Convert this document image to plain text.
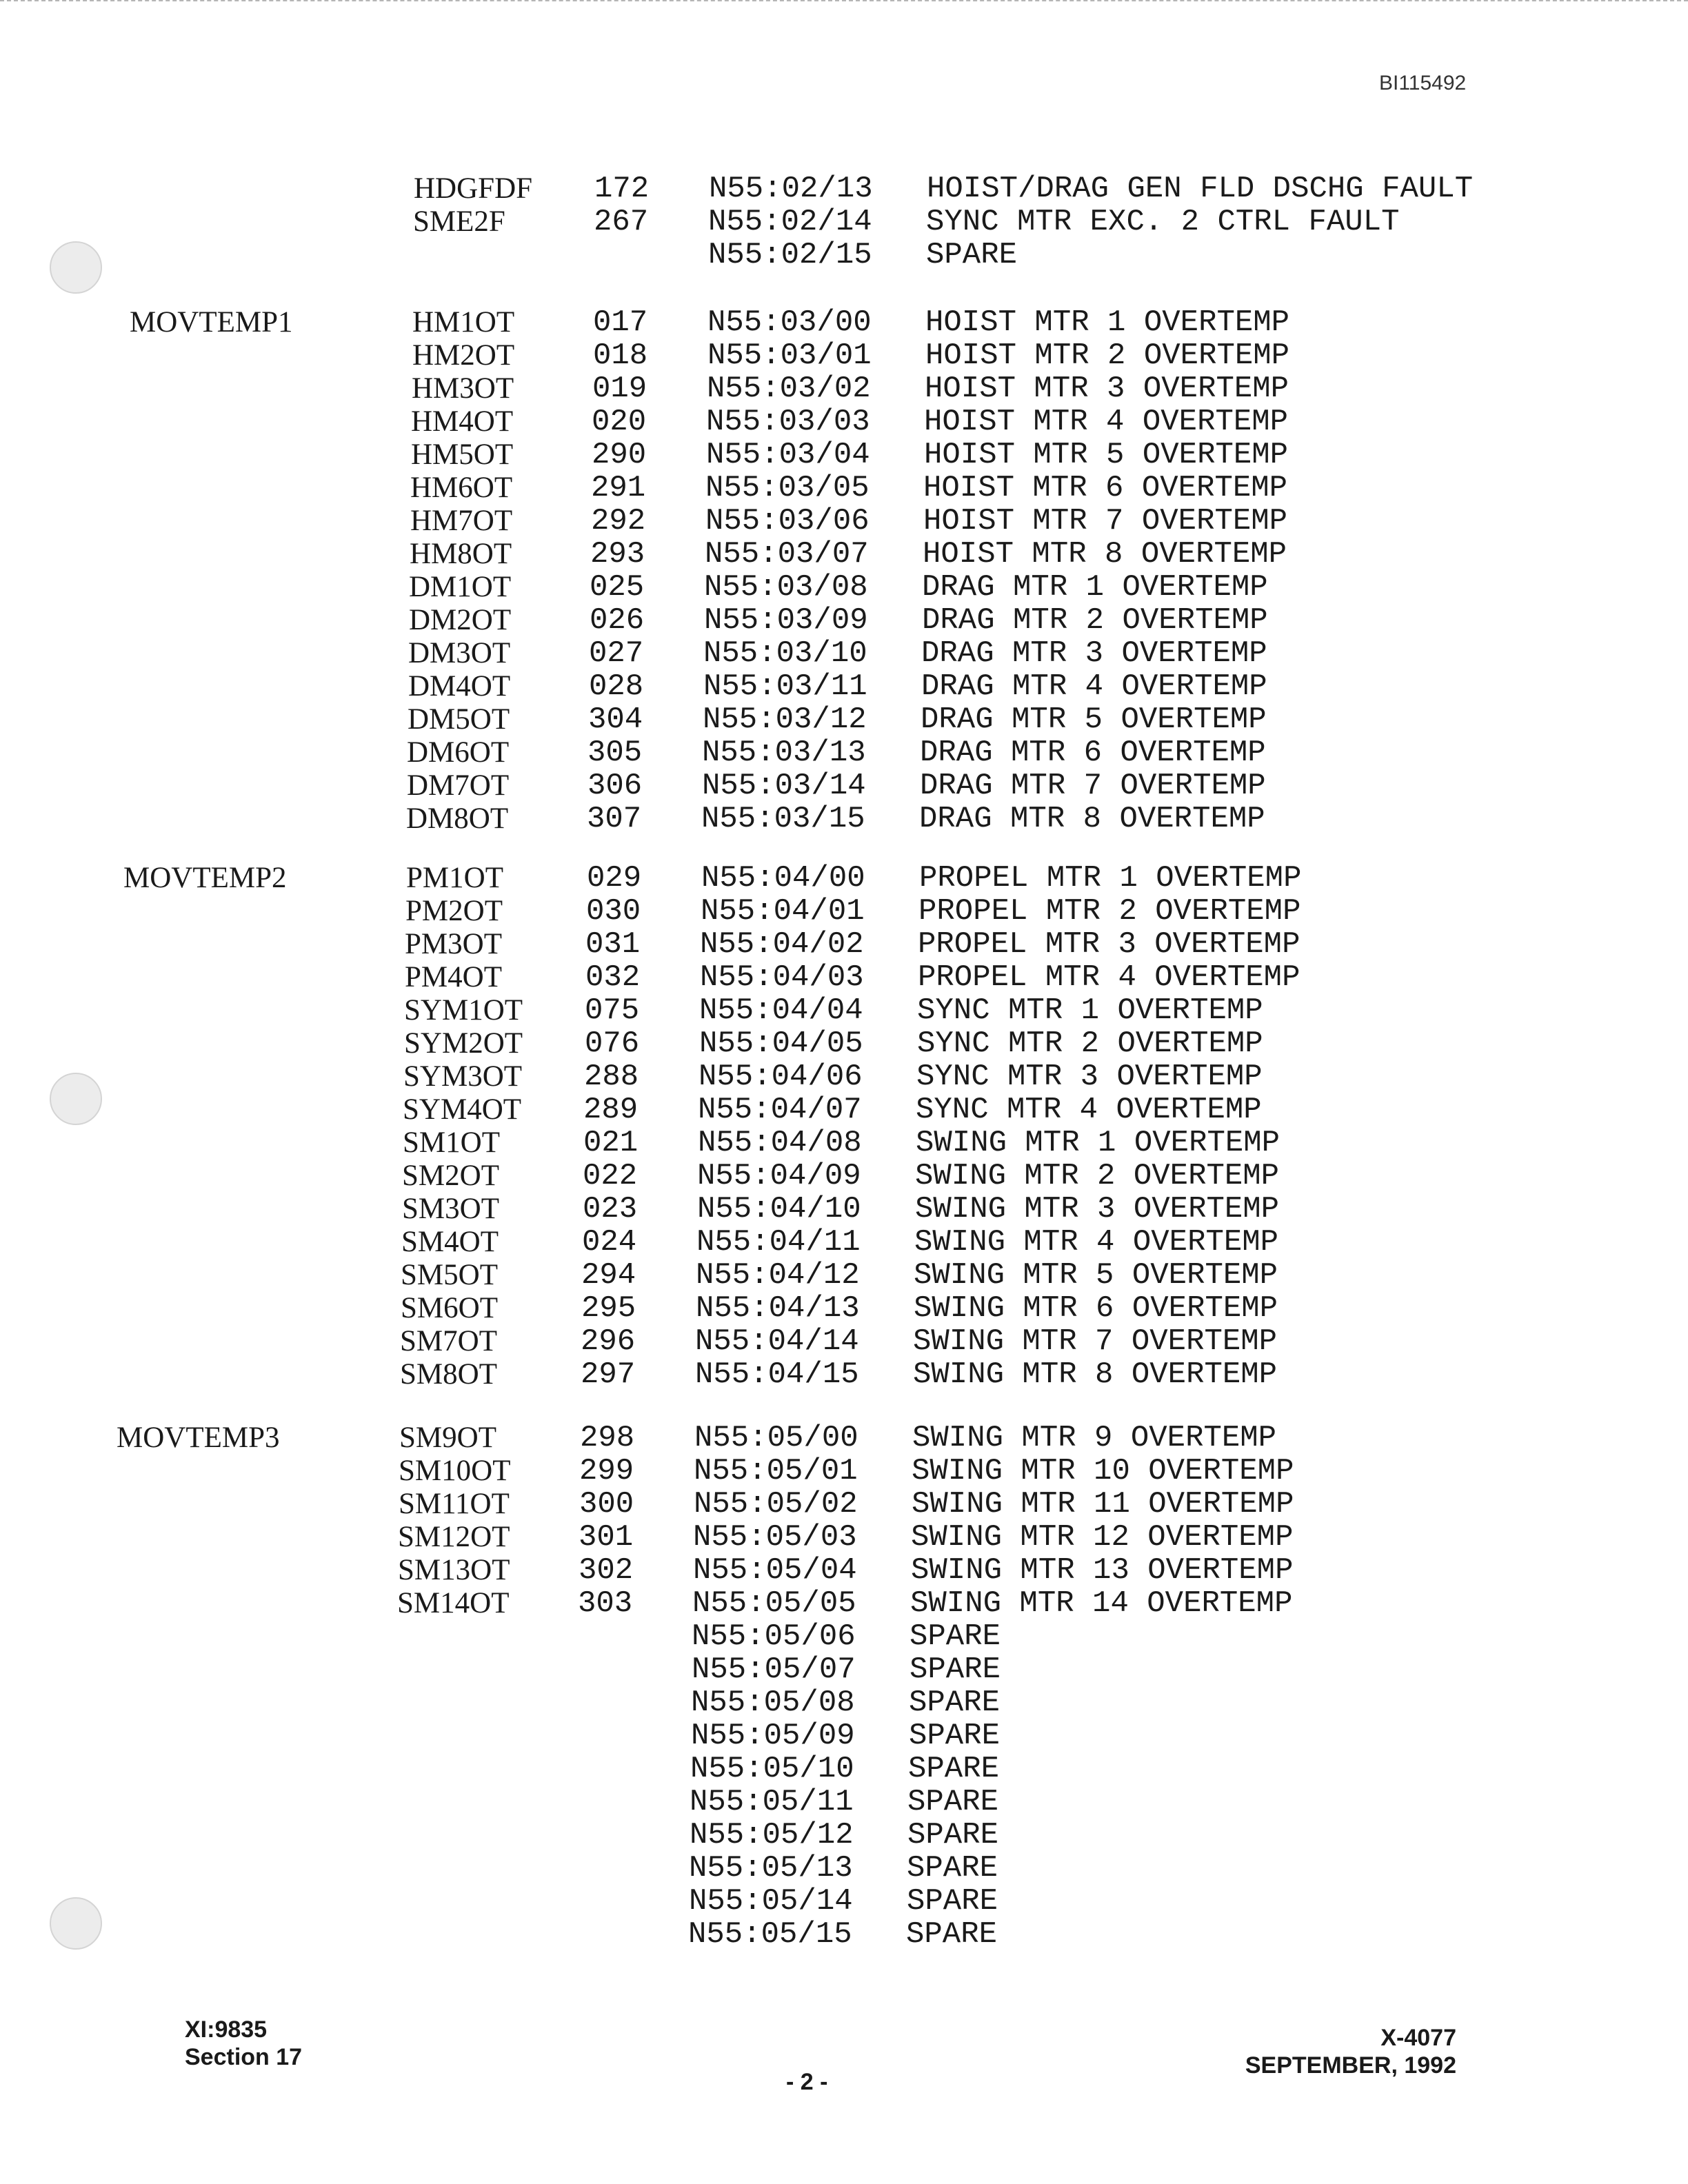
BI115492
HDGFDF 172 N55:02/13 HOIST/DRAG GEN FLD DSCHG FAULT
SME2F	267 N55:02/14 SYNC MTR EXC. 2 CTRL FAULT
N55:02/15 SPARE
MOVTEMP1	HM1OT	017 N55:03/00 HOIST MTR 1 OVERTEMP
HM2OT	018 N55:03/01 HOIST MTR 2 OVERTEMP
HM3OT	019 N55:03/02 HOIST MTR 3 OVERTEMP
HM4OT	020 N55:03/03 HOIST MTR 4 OVERTEMP
HM5OT	290 N55:03/04 HOIST MTR 5 OVERTEMP
HM6OT	291 N55:03/05 HOIST MTR 6 OVERTEMP
HM7OT	292 N55:03/06 HOIST MTR 7 OVERTEMP
HM8OT	293 N55:03/07 HOIST MTR 8 OVERTEMP
DM1OT	025 N55:03/08 DRAG MTR 1 OVERTEMP
DM2OT	026 N55:03/09 DRAG MTR 2 OVERTEMP
DM3OT	027 N55:03/10 DRAG MTR 3 OVERTEMP
DM4OT	028 N55:03/11 DRAG MTR 4 OVERTEMP
DM5OT	304 N55:03/12 DRAG MTR 5 OVERTEMP
DM6OT	305 N55:03/13 DRAG MTR 6 OVERTEMP
DM7OT	306 N55:03/14 DRAG MTR 7 OVERTEMP
DM8OT	307 N55:03/15 DRAG MTR 8 OVERTEMP
MOVTEMP2	PM1OT	029 N55:04/00 PROPEL MTR 1 OVERTEMP
PM2OT	030 N55:04/01 PROPEL MTR 2 OVERTEMP
PM3OT	031 N55:04/02 PROPEL MTR 3 OVERTEMP
PM4OT	032 N55:04/03 PROPEL MTR 4 OVERTEMP
SYM1OT 075 N55:04/04 SYNC MTR 1 OVERTEMP
SYM2OT 076 N55:04/05 SYNC MTR 2 OVERTEMP
SYM3OT 288 N55:04/06 SYNC MTR 3 OVERTEMP
SYM4OT 289 N55:04/07 SYNC MTR 4 OVERTEMP
SM1OT	021 N55:04/08 SWING MTR 1 OVERTEMP
SM2OT	022 N55:04/09 SWING MTR 2 OVERTEMP
SM3OT	023 N55:04/10 SWING MTR 3 OVERTEMP
SM4OT	024 N55:04/11 SWING MTR 4 OVERTEMP
SM5OT	294 N55:04/12 SWING MTR 5 OVERTEMP
SM6OT	295 N55:04/13 SWING MTR 6 OVERTEMP
SM7OT	296 N55:04/14 SWING MTR 7 OVERTEMP
SM8OT	297 N55:04/15 SWING MTR 8 OVERTEMP
MOVTEMP3	SM9OT	298 N55:05/00 SWING MTR 9 OVERTEMP
SM10OT 299 N55:05/01 SWING MTR 10 OVERTEMP
SM11OT 300 N55:05/02 SWING MTR 11 OVERTEMP
SM12OT 301 N55:05/03 SWING MTR 12 OVERTEMP
SM13OT 302 N55:05/04 SWING MTR 13 OVERTEMP
SM14OT 303 N55:05/05 SWING MTR 14 OVERTEMP
N55:05/06 SPARE
N55:05/07 SPARE
N55:05/08 SPARE
N55:05/09 SPARE
N55:05/10 SPARE
N55:05/11 SPARE
N55:05/12 SPARE
N55:05/13 SPARE
N55:05/14 SPARE
N55:05/15 SPARE
XI:9835
Section 17
- 2 -
X-4077
SEPTEMBER, 1992
